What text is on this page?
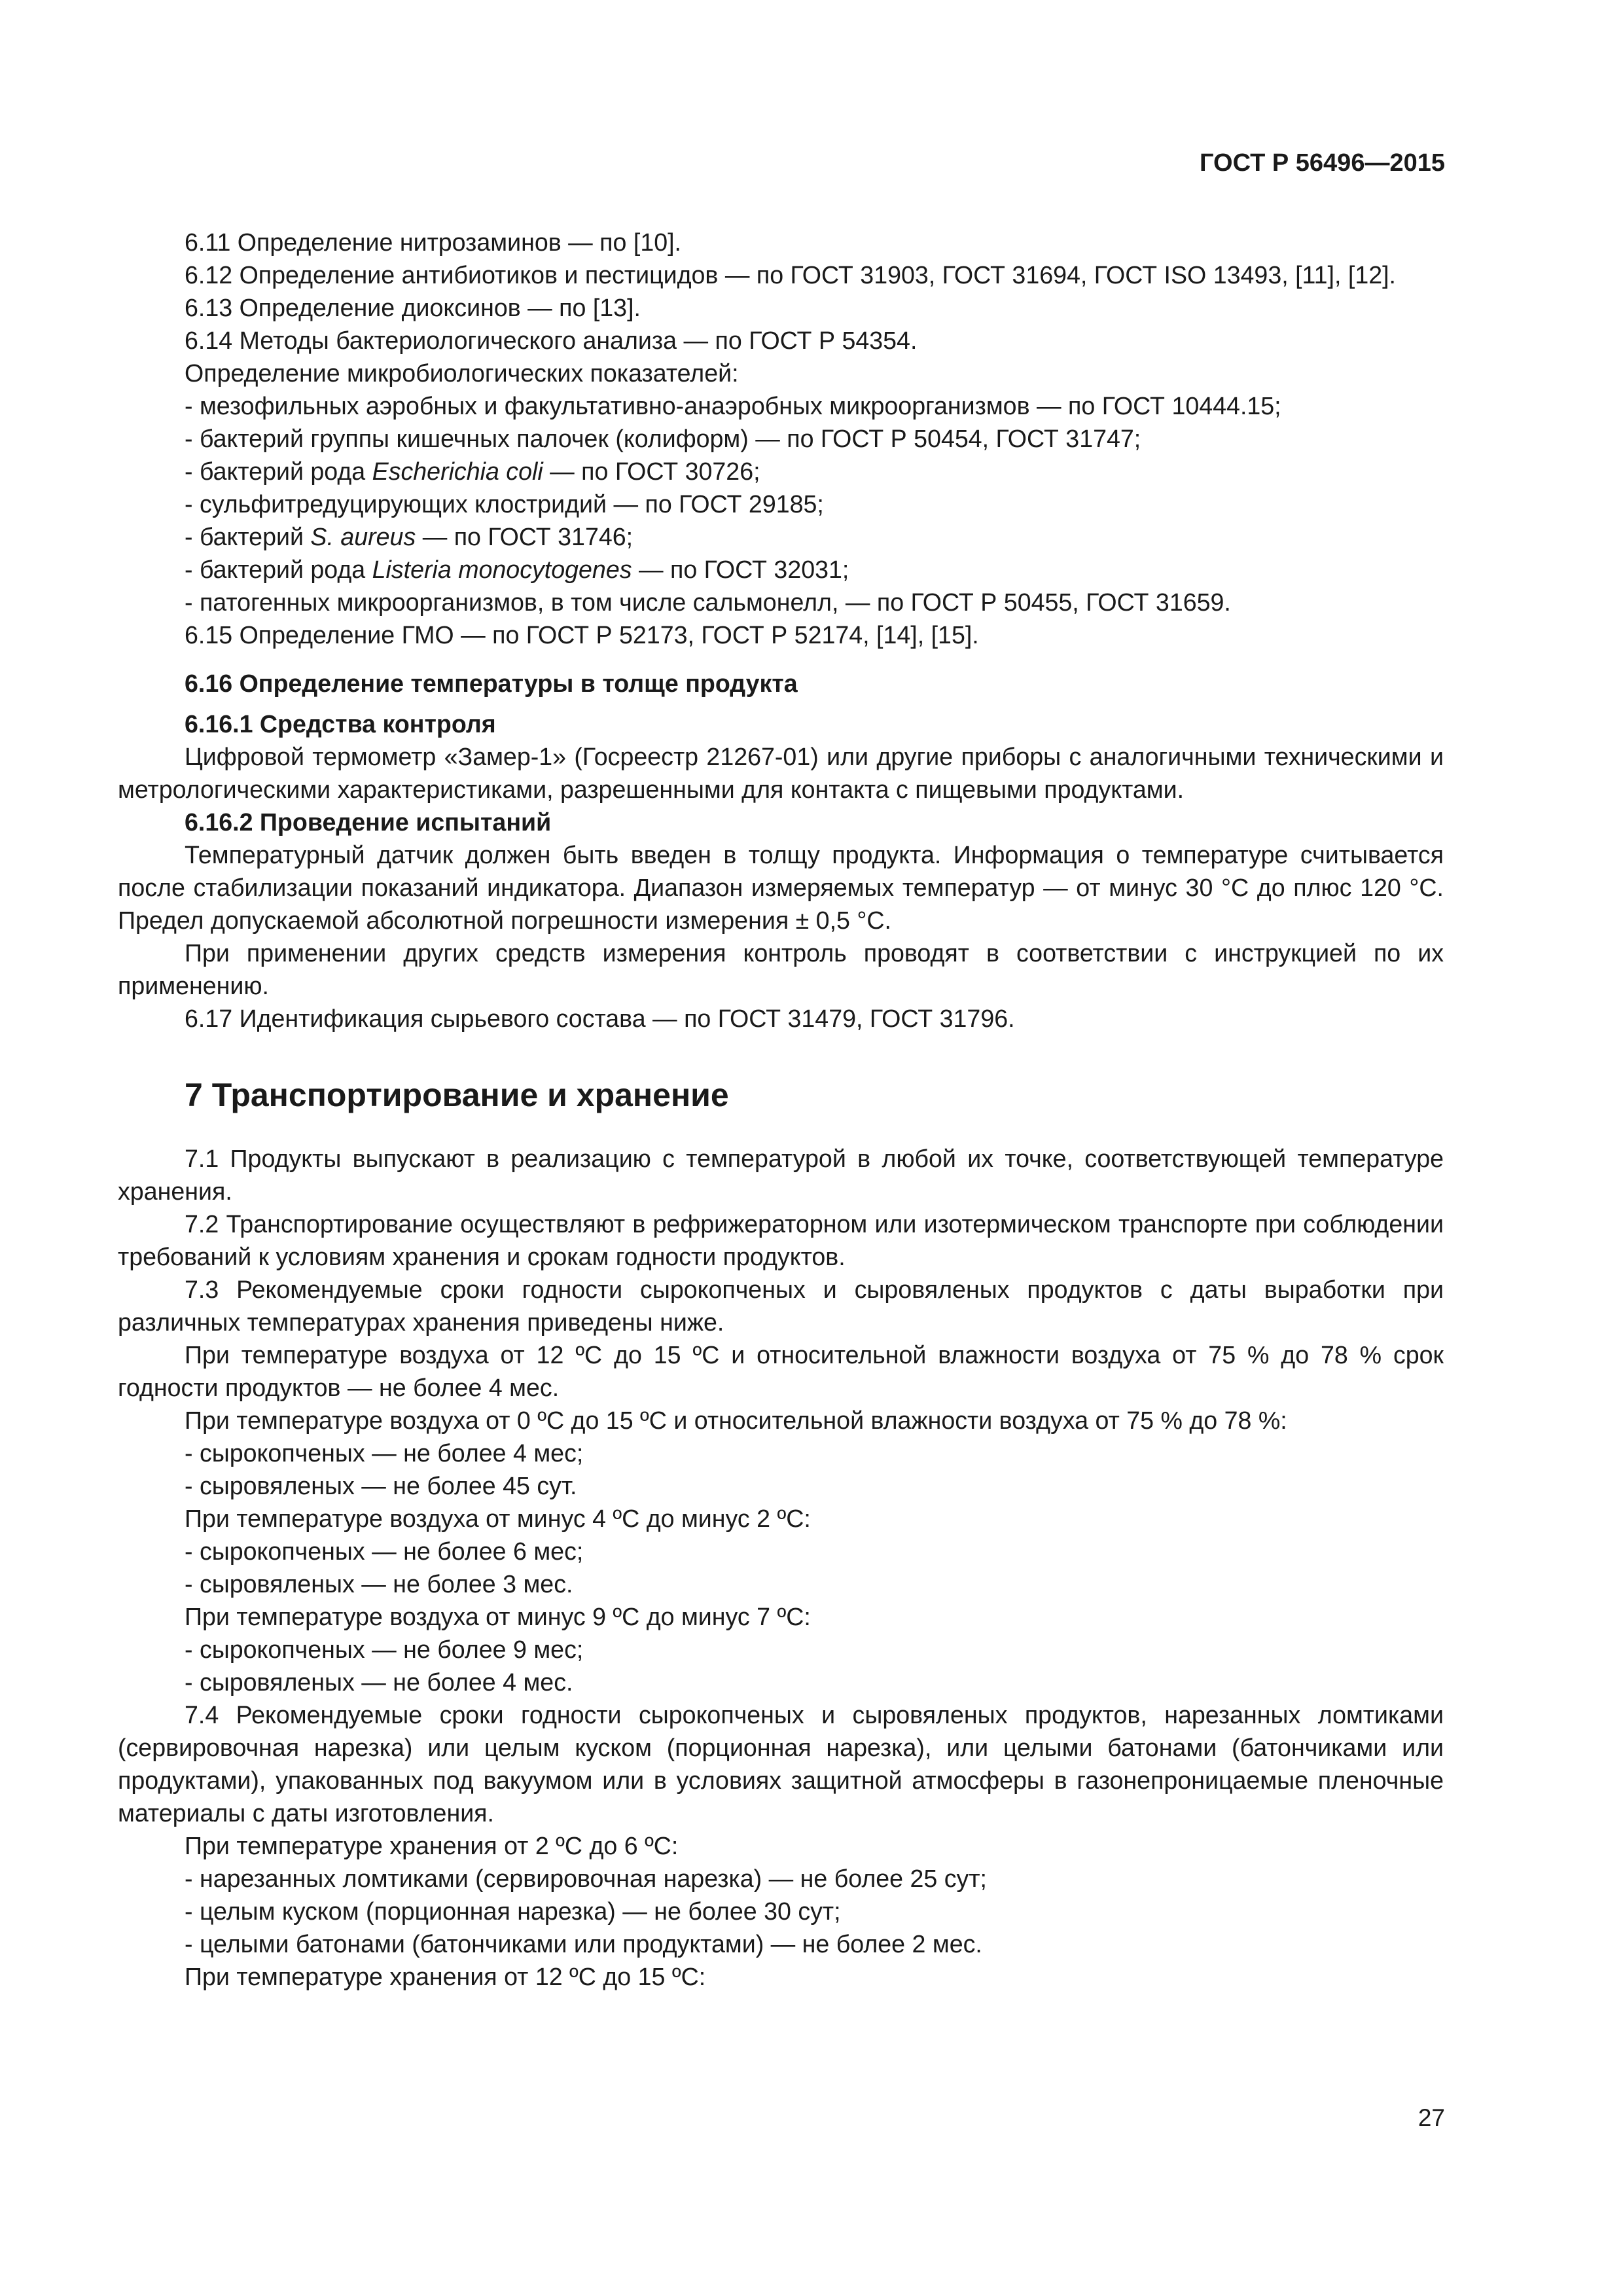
ГОСТ Р 56496—2015

6.11 Определение нитрозаминов — по [10].

6.12 Определение антибиотиков и пестицидов — по ГОСТ 31903, ГОСТ 31694, ГОСТ ISO 13493, [11], [12].

6.13 Определение диоксинов — по [13].

6.14 Методы бактериологического анализа — по ГОСТ Р 54354.

Определение микробиологических показателей:

- мезофильных аэробных и факультативно-анаэробных микроорганизмов — по ГОСТ 10444.15;

- бактерий группы кишечных палочек (колиформ) — по ГОСТ Р 50454, ГОСТ 31747;

- бактерий рода Escherichia coli — по ГОСТ 30726;

- сульфитредуцирующих клостридий — по ГОСТ 29185;

- бактерий S. aureus — по ГОСТ 31746;

- бактерий рода Listeria monocytogenes — по ГОСТ 32031;

- патогенных микроорганизмов, в том числе сальмонелл, — по ГОСТ Р 50455, ГОСТ 31659.

6.15 Определение ГМО — по ГОСТ Р 52173, ГОСТ Р 52174, [14], [15].

6.16 Определение температуры в толще продукта

6.16.1 Средства контроля

Цифровой термометр «Замер-1» (Госреестр 21267-01) или другие приборы с аналогичными техническими и метрологическими характеристиками, разрешенными для контакта с пищевыми продуктами.

6.16.2 Проведение испытаний

Температурный датчик должен быть введен в толщу продукта. Информация о температуре считывается после стабилизации показаний индикатора. Диапазон измеряемых температур — от минус 30 °С до плюс 120 °С. Предел допускаемой абсолютной погрешности измерения ± 0,5 °С.

При применении других средств измерения контроль проводят в соответствии с инструкцией по их применению.

6.17 Идентификация сырьевого состава — по ГОСТ 31479, ГОСТ 31796.

7 Транспортирование и хранение

7.1 Продукты выпускают в реализацию с температурой в любой их точке, соответствующей температуре хранения.

7.2 Транспортирование осуществляют в рефрижераторном или изотермическом транспорте при соблюдении требований к условиям хранения и срокам годности продуктов.

7.3 Рекомендуемые сроки годности сырокопченых и сыровяленых продуктов с даты выработки при различных температурах хранения приведены ниже.

При температуре воздуха от 12 ºС до 15 ºС и относительной влажности воздуха от 75 % до 78 % срок годности продуктов — не более 4 мес.

При температуре воздуха от 0 ºС до 15 ºС и относительной влажности воздуха от 75 % до 78 %:

- сырокопченых — не более 4 мес;

- сыровяленых — не более 45 сут.

При температуре воздуха от минус 4 ºС до минус 2 ºС:

- сырокопченых — не более 6 мес;

- сыровяленых — не более 3 мес.

При температуре воздуха от минус 9 ºС до минус 7 ºС:

- сырокопченых — не более 9 мес;

- сыровяленых — не более 4 мес.

7.4 Рекомендуемые сроки годности сырокопченых и сыровяленых продуктов, нарезанных ломтиками (сервировочная нарезка) или целым куском (порционная нарезка), или целыми батонами (батончиками или продуктами), упакованных под вакуумом или в условиях защитной атмосферы в газонепроницаемые пленочные материалы с даты изготовления.

При температуре хранения от 2 ºС до 6 ºС:

- нарезанных ломтиками (сервировочная нарезка) — не более 25 сут;

- целым куском (порционная нарезка) — не более 30 сут;

- целыми батонами (батончиками или продуктами) — не более 2 мес.

При температуре хранения от 12 ºС до 15 ºС:

27
